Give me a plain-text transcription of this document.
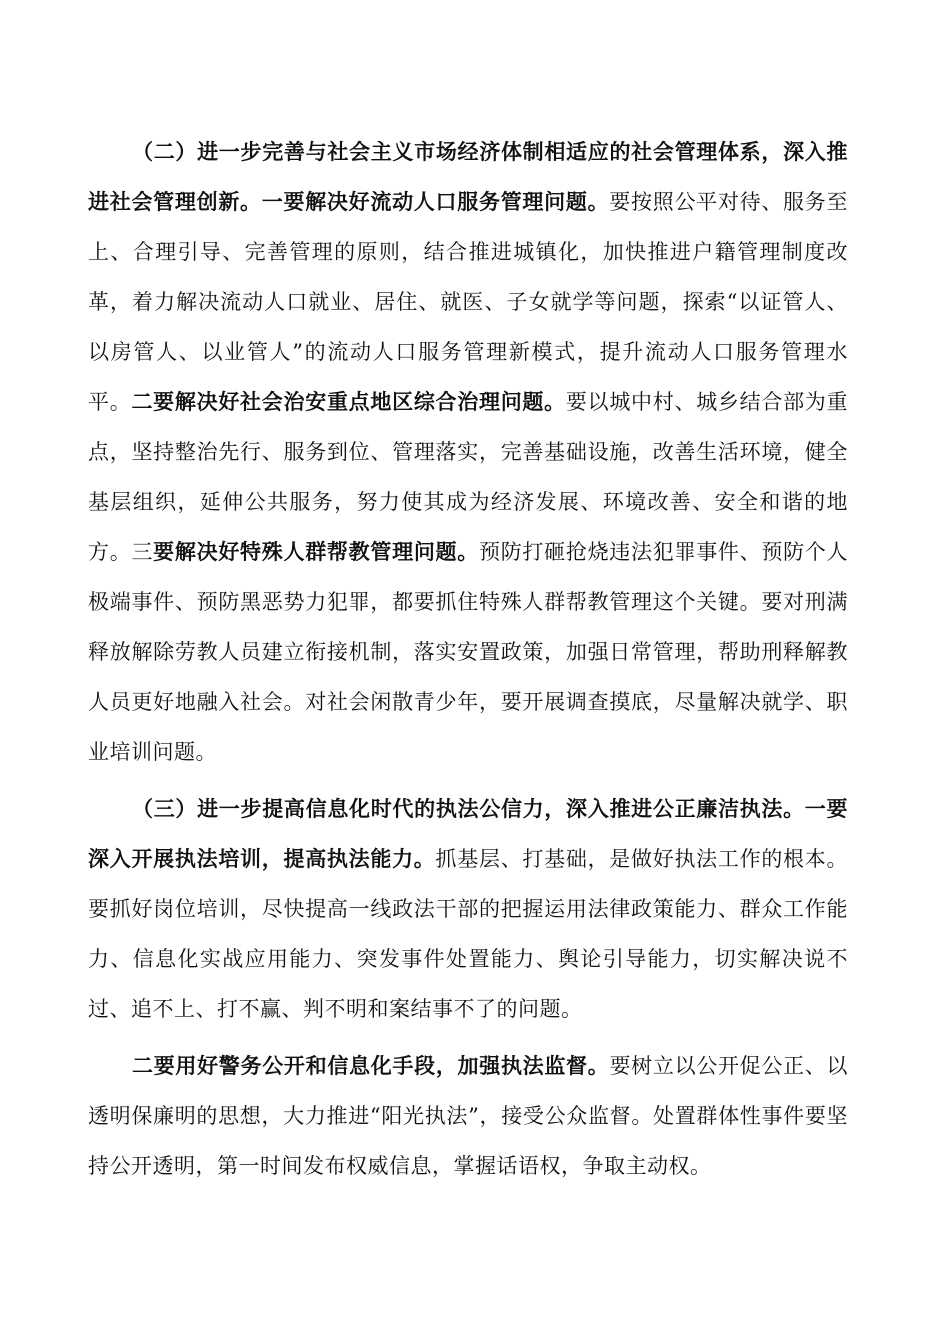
（二）进一步完善与社会主义市场经济体制相适应的社会管理体系，深入推进社会管理创新。一要解决好流动人口服务管理问题。要按照公平对待、服务至上、合理引导、完善管理的原则，结合推进城镇化，加快推进户籍管理制度改革，着力解决流动人口就业、居住、就医、子女就学等问题，探索“以证管人、以房管人、以业管人”的流动人口服务管理新模式，提升流动人口服务管理水平。二要解决好社会治安重点地区综合治理问题。要以城中村、城乡结合部为重点，坚持整治先行、服务到位、管理落实，完善基础设施，改善生活环境，健全基层组织，延伸公共服务，努力使其成为经济发展、环境改善、安全和谐的地方。三要解决好特殊人群帮教管理问题。预防打砸抢烧违法犯罪事件、预防个人极端事件、预防黑恶势力犯罪，都要抓住特殊人群帮教管理这个关键。要对刑满释放解除劳教人员建立衔接机制，落实安置政策，加强日常管理，帮助刑释解教人员更好地融入社会。对社会闲散青少年，要开展调查摸底，尽量解决就学、职业培训问题。

（三）进一步提高信息化时代的执法公信力，深入推进公正廉洁执法。一要深入开展执法培训，提高执法能力。抓基层、打基础，是做好执法工作的根本。要抓好岗位培训，尽快提高一线政法干部的把握运用法律政策能力、群众工作能力、信息化实战应用能力、突发事件处置能力、舆论引导能力，切实解决说不过、追不上、打不赢、判不明和案结事不了的问题。

二要用好警务公开和信息化手段，加强执法监督。要树立以公开促公正、以透明保廉明的思想，大力推进“阳光执法”，接受公众监督。处置群体性事件要坚持公开透明，第一时间发布权威信息，掌握话语权，争取主动权。
